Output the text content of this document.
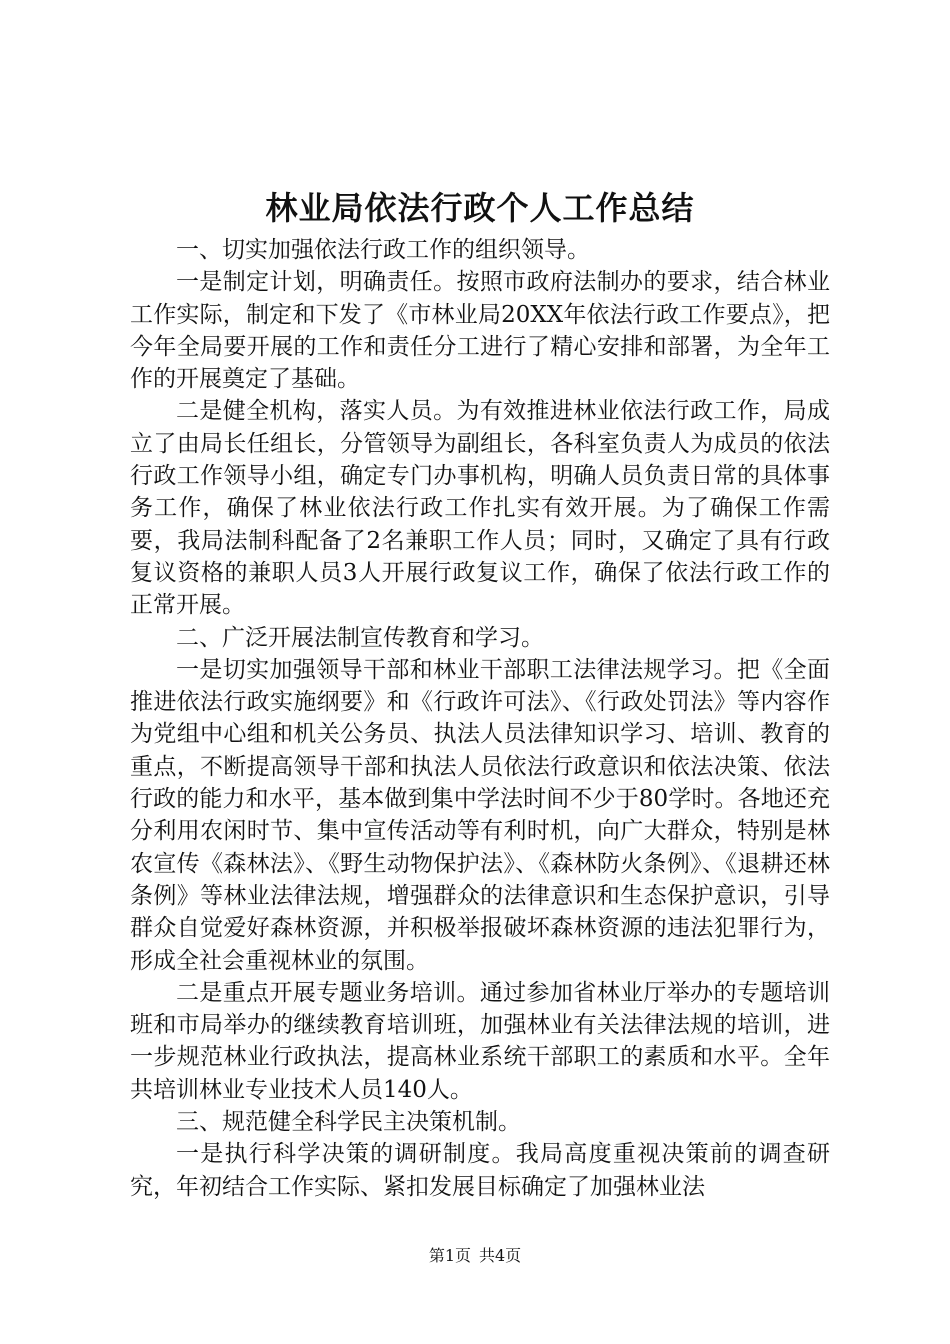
林业局依法行政个人工作总结

一、切实加强依法行政工作的组织领导。

一是制定计划，明确责任。按照市政府法制办的要求，结合林业工作实际，制定和下发了《市林业局20XX年依法行政工作要点》，把今年全局要开展的工作和责任分工进行了精心安排和部署，为全年工作的开展奠定了基础。

二是健全机构，落实人员。为有效推进林业依法行政工作，局成立了由局长任组长，分管领导为副组长，各科室负责人为成员的依法行政工作领导小组，确定专门办事机构，明确人员负责日常的具体事务工作，确保了林业依法行政工作扎实有效开展。为了确保工作需要，我局法制科配备了2名兼职工作人员；同时，又确定了具有行政复议资格的兼职人员3人开展行政复议工作，确保了依法行政工作的正常开展。

二、广泛开展法制宣传教育和学习。

一是切实加强领导干部和林业干部职工法律法规学习。把《全面推进依法行政实施纲要》和《行政许可法》、《行政处罚法》等内容作为党组中心组和机关公务员、执法人员法律知识学习、培训、教育的重点，不断提高领导干部和执法人员依法行政意识和依法决策、依法行政的能力和水平，基本做到集中学法时间不少于80学时。各地还充分利用农闲时节、集中宣传活动等有利时机，向广大群众，特别是林农宣传《森林法》、《野生动物保护法》、《森林防火条例》、《退耕还林条例》等林业法律法规，增强群众的法律意识和生态保护意识，引导群众自觉爱好森林资源，并积极举报破坏森林资源的违法犯罪行为，形成全社会重视林业的氛围。

二是重点开展专题业务培训。通过参加省林业厅举办的专题培训班和市局举办的继续教育培训班，加强林业有关法律法规的培训，进一步规范林业行政执法，提高林业系统干部职工的素质和水平。全年共培训林业专业技术人员140人。

三、规范健全科学民主决策机制。

一是执行科学决策的调研制度。我局高度重视决策前的调查研究，年初结合工作实际、紧扣发展目标确定了加强林业法

第1页 共4页
